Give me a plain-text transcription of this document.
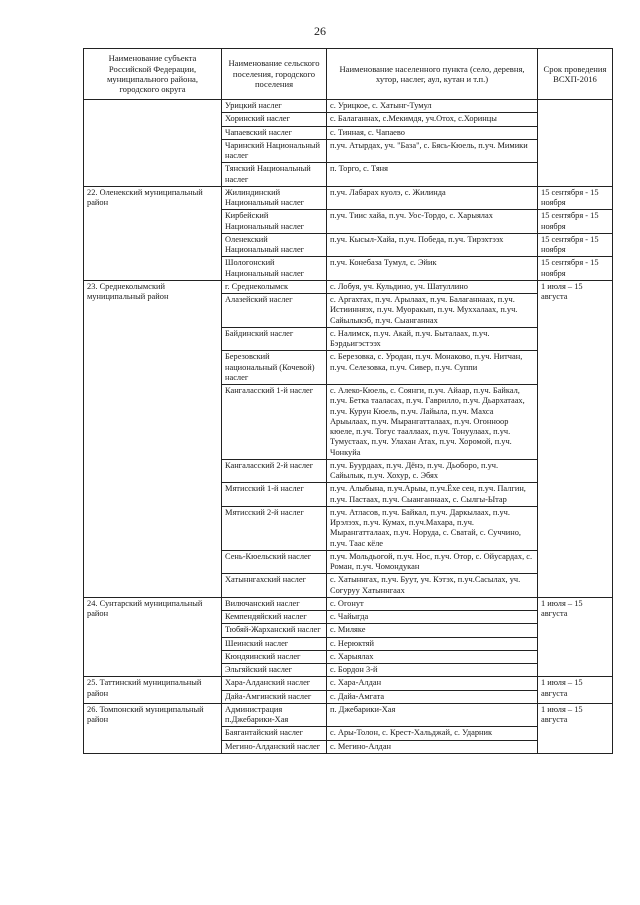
26
Наименование субъекта Российской Федерации, муниципального района, городского округа	Наименование сельского поселения, городского поселения	Наименование населенного пункта (село, деревня, хутор, наслег, аул, кутан и т.п.)	Срок проведения ВСХП-2016
	Урицкий наслег	с. Урицкое, с. Хатынг-Тумул	
	Хоринский наслег	с. Балаганнах, с.Мекимдя, уч.Отох, с.Хоринцы	
	Чапаевский наслег	с. Тинная, с. Чапаево	
	Чаринский Национальный наслег	п.уч. Атырдах, уч. "База", с. Бясь-Кюель, п.уч. Мимики	
	Тянский Национальный наслег	п. Торго, с. Тяня	
22. Оленекский муниципальный район	Жилиндинский Национальный наслег	п.уч. Лабарах куолэ, с. Жилинда	15 сентября - 15 ноября
	Кирбейский Национальный наслег	п.уч. Тиис хайа, п.уч. Уос-Тордо, с. Харыялах	15 сентября - 15 ноября
	Оленекский Национальный наслег	п.уч. Кысыл-Хайа, п.уч. Победа, п.уч. Тирэхтээх	15 сентября - 15 ноября
	Шологонский Национальный наслег	п.уч. Конебаза Тумул, с. Эйик	15 сентября - 15 ноября
23. Среднеколымский муниципальный район	г. Среднеколымск	с. Лобуя, уч. Кульдино, уч. Шатуллино	1 июля – 15 августа
	Алазейский наслег	с. Аргахтах, п.уч. Арылаах, п.уч. Балаганнаах, п.уч. Истиинняэх, п.уч. Муоракып, п.уч. Муххалаах, п.уч. Сайылыкэб, п.уч. Сыанганнах	
	Байдинский наслег	с. Налимск, п.уч. Акай, п.уч. Быталаах, п.уч. Бэрдьигэстээх	
	Березовский национальный (Кочевой) наслег	с. Березовка, с. Уродан, п.уч. Монаково, п.уч. Нитчан, п.уч. Селезовка, п.уч. Сивер, п.уч. Суппи	
	Кангаласский 1-й наслег	с. Алеко-Кюель, с. Соянги, п.уч. Айаар, п.уч. Байкал, п.уч. Бетка тааласах, п.уч. Гаврилло, п.уч. Дьархатаах, п.уч. Курун Кюель, п.уч. Лайыла, п.уч. Махса Арыылаах, п.уч. Мырангатталаах, п.уч. Огонноор кюеле, п.уч. Тогус тааллаах, п.уч. Тонуулаах, п.уч. Тумустаах, п.уч. Улахан Атах, п.уч. Хоромой, п.уч. Чонкуйа	
	Кангаласский 2-й наслег	п.уч. Буурдаах, п.уч. Дёнэ, п.уч. Дьоборо, п.уч. Сайылык, п.уч. Хохур, с. Эбях	
	Мятисский 1-й наслег	п.уч. Алыбына, п.уч.Арыы, п.уч.Ёхе сен, п.уч. Палгин, п.уч. Пастаах, п.уч. Сыанганнаах, с. Сылгы-Ытар	
	Мятисский 2-й наслег	п.уч. Атласов, п.уч. Байкал, п.уч. Даркылаах, п.уч. Ирэлээх, п.уч. Кумах, п.уч.Махара, п.уч. Мырангатталаах, п.уч. Норуда, с. Сватай, с. Суччино, п.уч. Таас кёле	
	Сень-Кюельский наслег	п.уч. Мольдьогой, п.уч. Нос, п.уч. Отор, с. Ойусардах, с. Роман, п.уч. Чомондукан	
	Хатыннгахский наслег	с. Хатыннгах, п.уч. Буут, уч. Кэтэх, п.уч.Сасылах, уч. Согуруу Хатыннгаах	
24. Сунтарский муниципальный район	Вилючанский наслег	с. Огонут	1 июля – 15 августа
	Кемпендяйский наслег	с. Чайыгда	
	Тюбяй-Жарханский наслег	с. Миляке	
	Шеинский наслег	с. Нерюктяй	
	Кюндяинский наслег	с. Харыялах	
	Эльгяйский наслег	с. Бордон 3-й	
25. Таттинский муниципальный район	Хара-Алданский наслег	с. Хара-Алдан	1 июля – 15 августа
	Дайа-Амгинский наслег	с. Дайа-Амгата	
26. Томпонский муниципальный район	Администрация п.Джебарики-Хая	п. Джебарики-Хая	1 июля – 15 августа
	Баягантайский наслег	с. Ары-Толон, с. Крест-Хальджай, с. Ударник	
	Мегино-Алданский наслег	с. Мегино-Алдан	
